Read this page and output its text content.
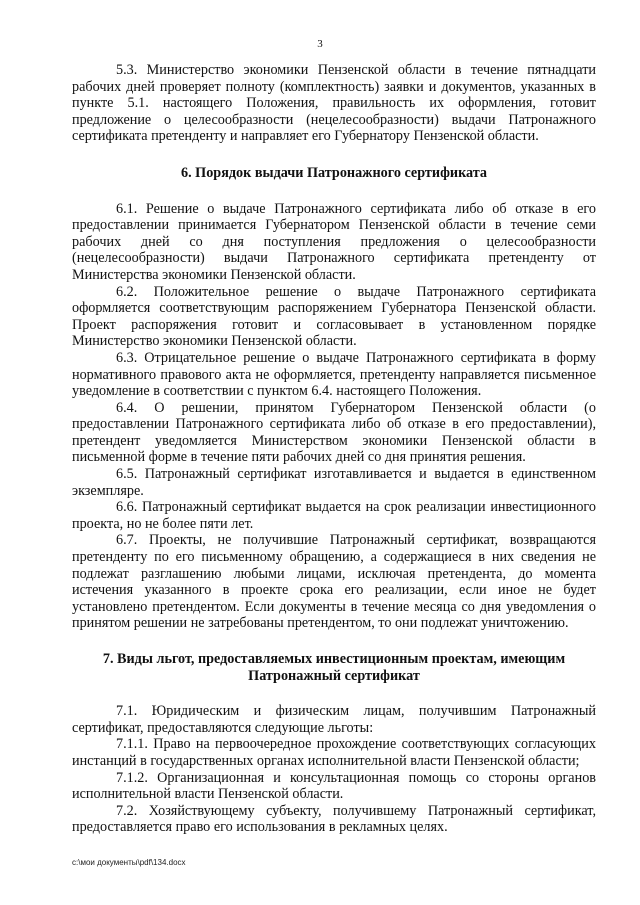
3

5.3. Министерство экономики Пензенской области в течение пятнадцати рабочих дней проверяет полноту (комплектность) заявки и документов, указанных в пункте 5.1. настоящего Положения, правильность их оформления, готовит предложение о целесообразности (нецелесообразности) выдачи Патронажного сертификата претенденту и направляет его Губернатору Пензенской области.

6. Порядок выдачи Патронажного сертификата

6.1. Решение о выдаче Патронажного сертификата либо об отказе в его предоставлении принимается Губернатором Пензенской области в течение семи рабочих дней со дня поступления предложения о целесообразности (нецелесообразности) выдачи Патронажного сертификата претенденту от Министерства экономики Пензенской области.

6.2. Положительное решение о выдаче Патронажного сертификата оформляется соответствующим распоряжением Губернатора Пензенской области. Проект распоряжения готовит и согласовывает в установленном порядке Министерство экономики Пензенской области.

6.3. Отрицательное решение о выдаче Патронажного сертификата в форму нормативного правового акта не оформляется, претенденту направляется письменное уведомление в соответствии с пунктом 6.4. настоящего Положения.

6.4. О решении, принятом Губернатором Пензенской области (о предоставлении Патронажного сертификата либо об отказе в его предоставлении), претендент уведомляется Министерством экономики Пензенской области в письменной форме в течение пяти рабочих дней со дня принятия решения.

6.5. Патронажный сертификат изготавливается и выдается в единственном экземпляре.

6.6. Патронажный сертификат выдается на срок реализации инвестиционного проекта, но не более пяти лет.

6.7. Проекты, не получившие Патронажный сертификат, возвращаются претенденту по его письменному обращению, а содержащиеся в них сведения не подлежат разглашению любыми лицами, исключая претендента, до момента истечения указанного в проекте срока его реализации, если иное не будет установлено претендентом. Если документы в течение месяца со дня уведомления о принятом решении не затребованы претендентом, то они подлежат уничтожению.

7. Виды льгот, предоставляемых инвестиционным проектам, имеющим
Патронажный сертификат

7.1. Юридическим и физическим лицам, получившим Патронажный сертификат, предоставляются следующие льготы:

7.1.1. Право на первоочередное прохождение соответствующих согласующих инстанций в государственных органах исполнительной власти Пензенской области;

7.1.2. Организационная и консультационная помощь со стороны органов исполнительной власти Пензенской области.

7.2. Хозяйствующему субъекту, получившему Патронажный сертификат, предоставляется право его использования в рекламных целях.

c:\мои документы\pdf\134.docx
